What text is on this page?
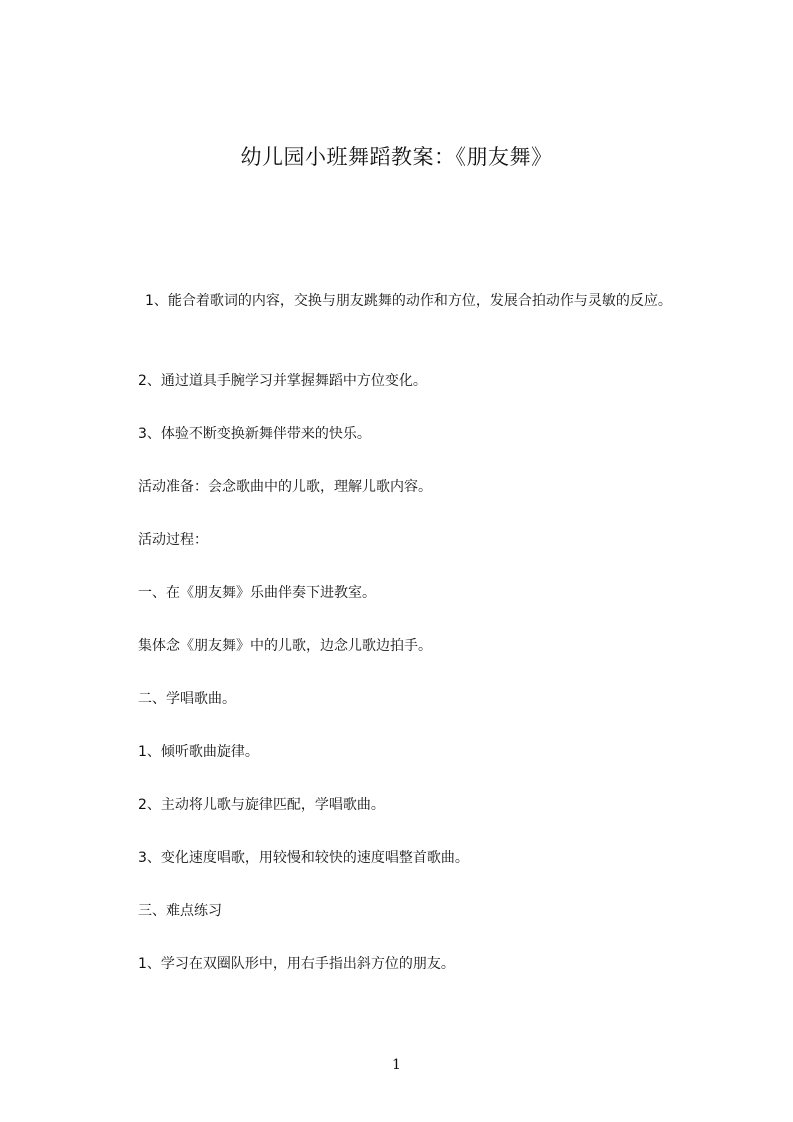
幼儿园小班舞蹈教案：《朋友舞》
1、能合着歌词的内容，交换与朋友跳舞的动作和方位，发展合拍动作与灵敏的反应。
2、通过道具手腕学习并掌握舞蹈中方位变化。
3、体验不断变换新舞伴带来的快乐。
活动准备：会念歌曲中的儿歌，理解儿歌内容。
活动过程：
一、在《朋友舞》乐曲伴奏下进教室。
集体念《朋友舞》中的儿歌，边念儿歌边拍手。
二、学唱歌曲。
1、倾听歌曲旋律。
2、主动将儿歌与旋律匹配，学唱歌曲。
3、变化速度唱歌，用较慢和较快的速度唱整首歌曲。
三、难点练习
1、学习在双圈队形中，用右手指出斜方位的朋友。
1
